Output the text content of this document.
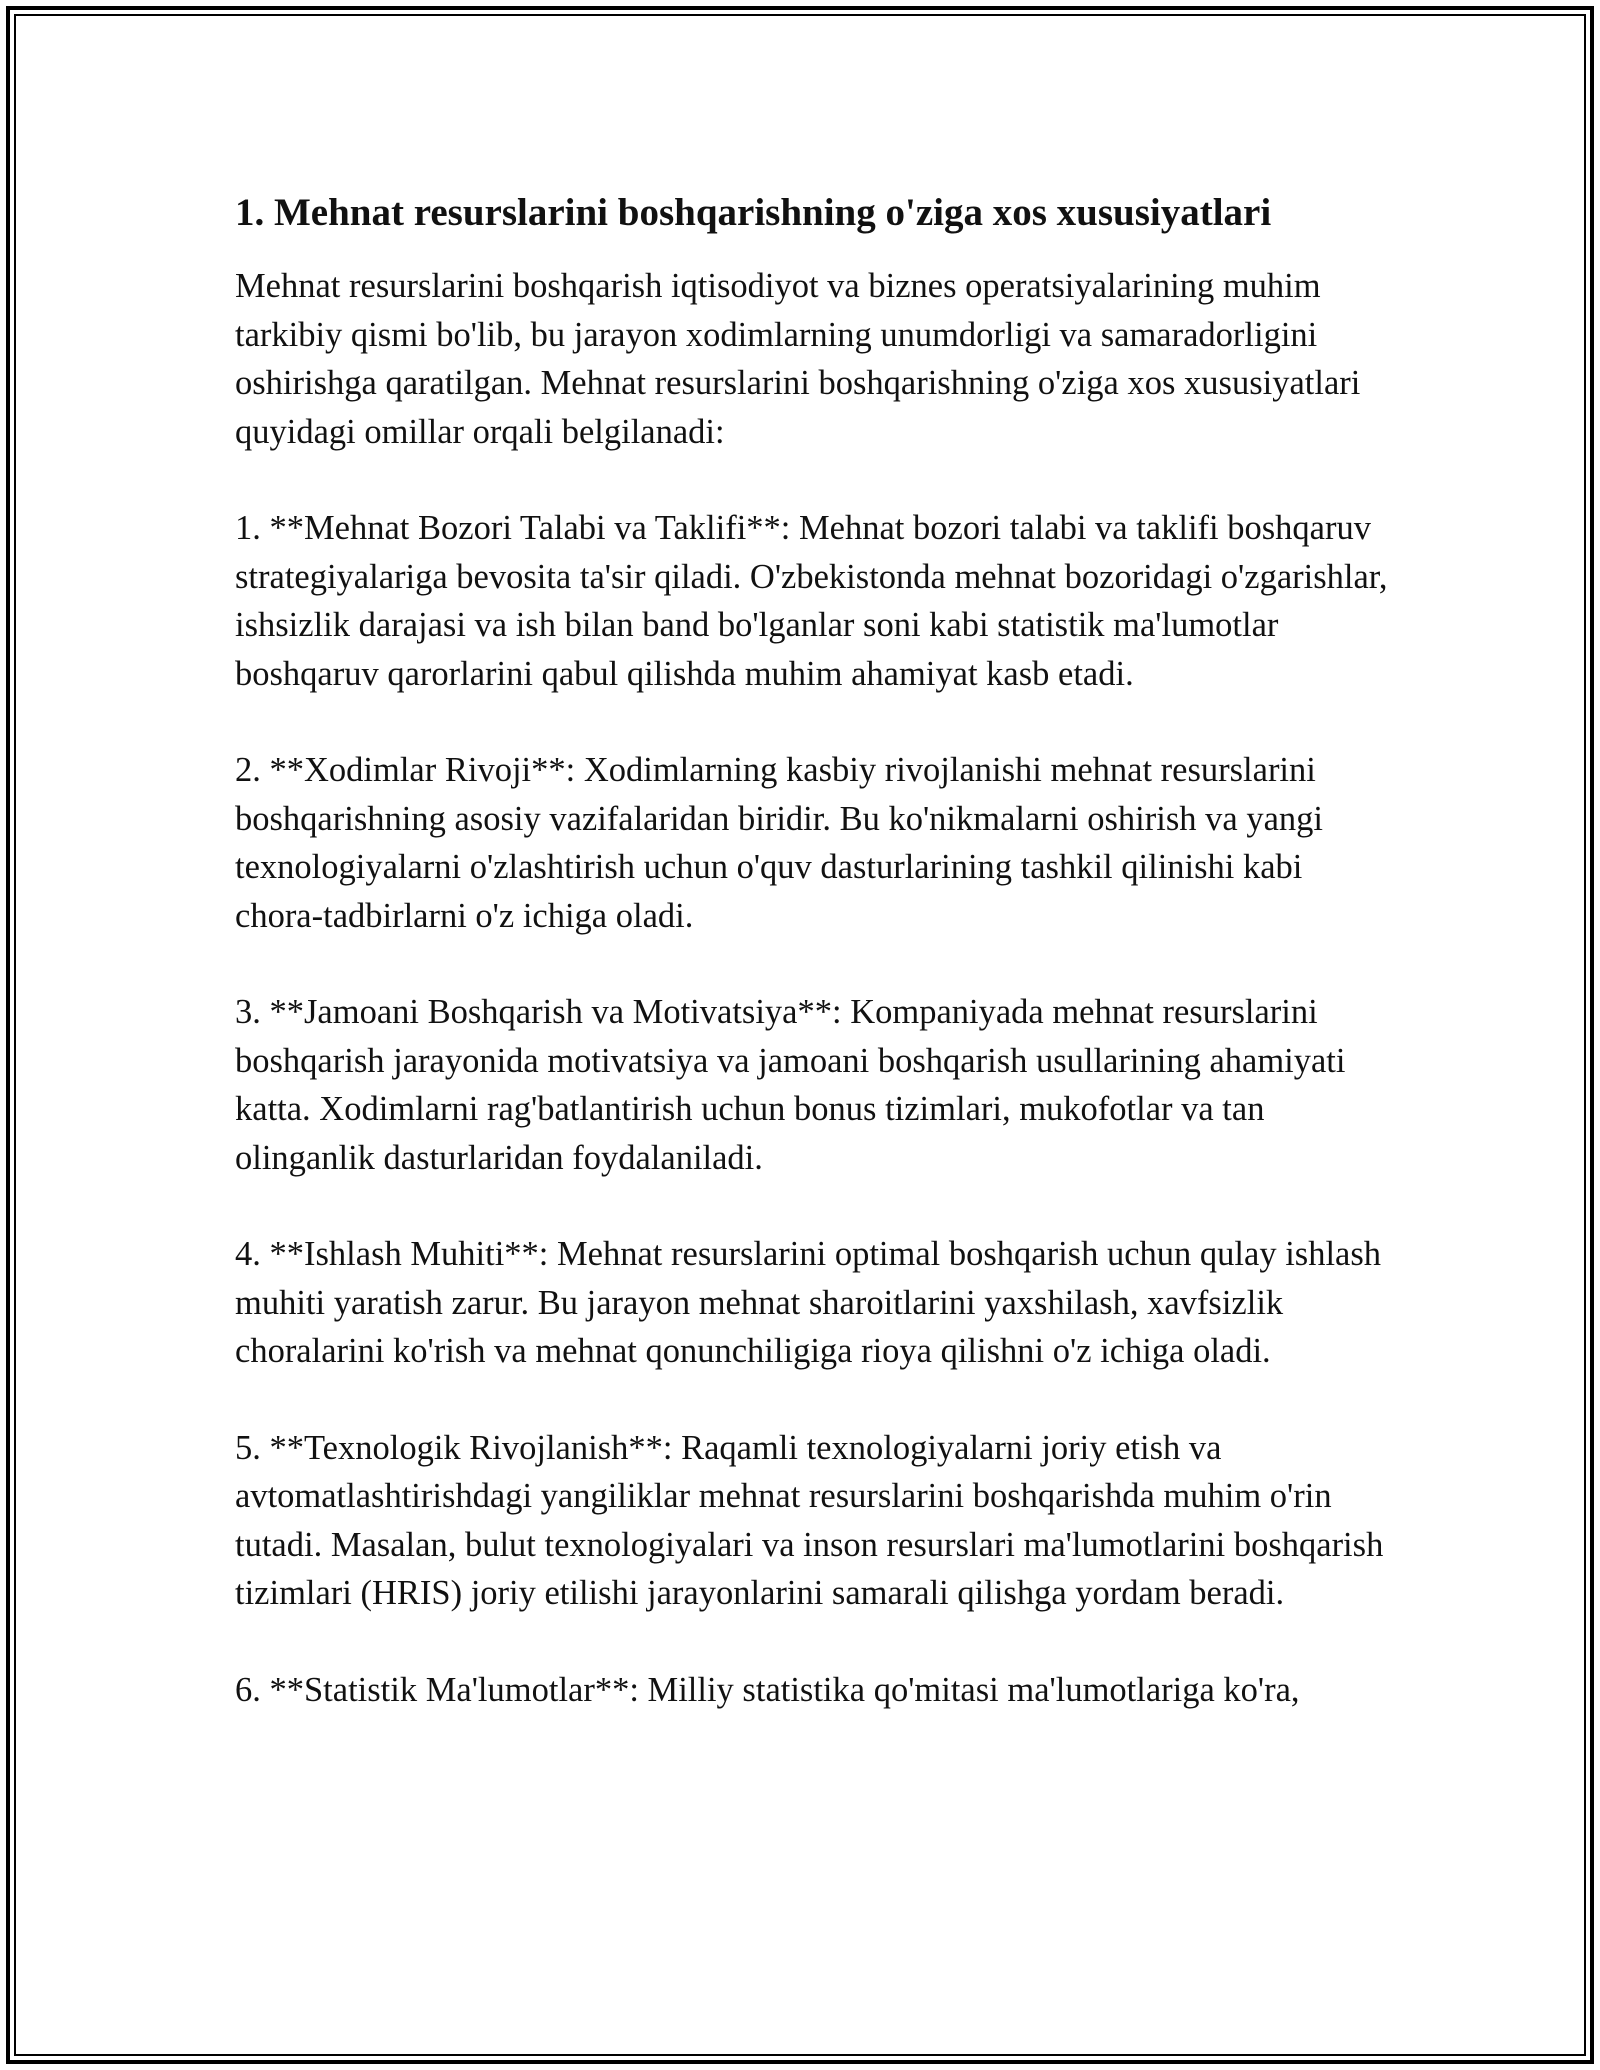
1. Mehnat resurslarini boshqarishning o'ziga xos xususiyatlari

Mehnat resurslarini boshqarish iqtisodiyot va biznes operatsiyalarining muhim tarkibiy qismi bo'lib, bu jarayon xodimlarning unumdorligi va samaradorligini oshirishga qaratilgan. Mehnat resurslarini boshqarishning o'ziga xos xususiyatlari quyidagi omillar orqali belgilanadi:

1. **Mehnat Bozori Talabi va Taklifi**: Mehnat bozori talabi va taklifi boshqaruv strategiyalariga bevosita ta'sir qiladi. O'zbekistonda mehnat bozoridagi o'zgarishlar, ishsizlik darajasi va ish bilan band bo'lganlar soni kabi statistik ma'lumotlar boshqaruv qarorlarini qabul qilishda muhim ahamiyat kasb etadi.

2. **Xodimlar Rivoji**: Xodimlarning kasbiy rivojlanishi mehnat resurslarini boshqarishning asosiy vazifalaridan biridir. Bu ko'nikmalarni oshirish va yangi texnologiyalarni o'zlashtirish uchun o'quv dasturlarining tashkil qilinishi kabi chora-tadbirlarni o'z ichiga oladi.

3. **Jamoani Boshqarish va Motivatsiya**: Kompaniyada mehnat resurslarini boshqarish jarayonida motivatsiya va jamoani boshqarish usullarining ahamiyati katta. Xodimlarni rag'batlantirish uchun bonus tizimlari, mukofotlar va tan olinganlik dasturlaridan foydalaniladi.

4. **Ishlash Muhiti**: Mehnat resurslarini optimal boshqarish uchun qulay ishlash muhiti yaratish zarur. Bu jarayon mehnat sharoitlarini yaxshilash, xavfsizlik choralarini ko'rish va mehnat qonunchiligiga rioya qilishni o'z ichiga oladi.

5. **Texnologik Rivojlanish**: Raqamli texnologiyalarni joriy etish va avtomatlashtirishdagi yangiliklar mehnat resurslarini boshqarishda muhim o'rin tutadi. Masalan, bulut texnologiyalari va inson resurslari ma'lumotlarini boshqarish tizimlari (HRIS) joriy etilishi jarayonlarini samarali qilishga yordam beradi.

6. **Statistik Ma'lumotlar**: Milliy statistika qo'mitasi ma'lumotlariga ko'ra,
